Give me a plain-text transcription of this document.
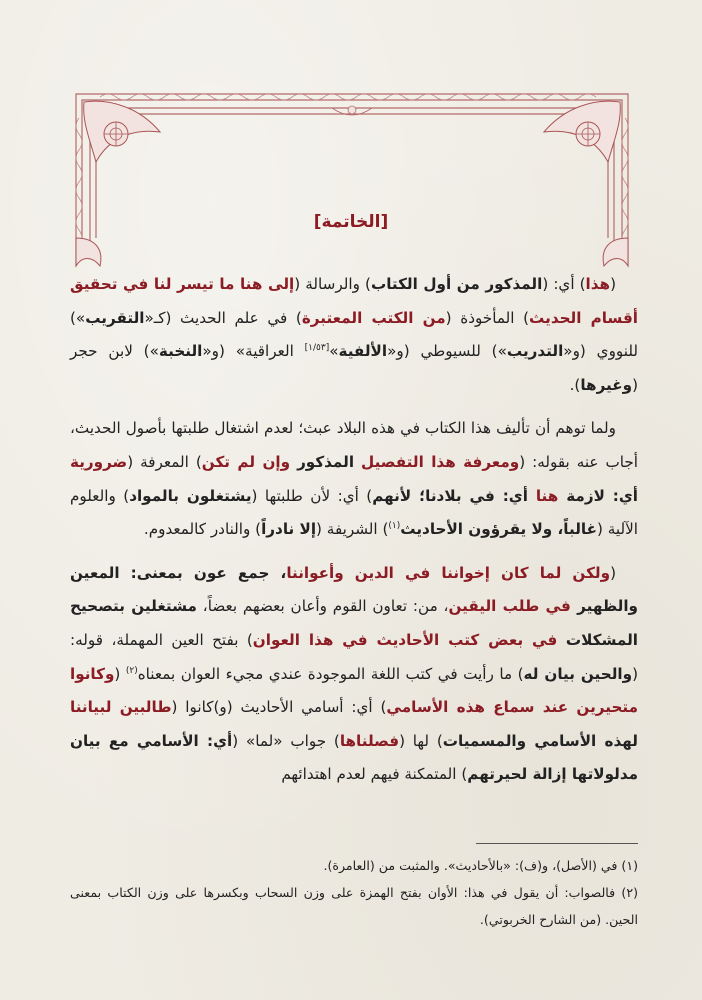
[الخاتمة]

(هذا) أي: (المذكور من أول الكتاب) والرسالة (إلى هنا ما تيسر لنا في تحقيق أقسام الحديث) المأخوذة (من الكتب المعتبرة) في علم الحديث (كـ«التقريب») للنووي (و«التدريب») للسيوطي (و«الألفية»[١/٥٣] العراقية» (و«النخبة») لابن حجر (وغيرها).

ولما توهم أن تأليف هذا الكتاب في هذه البلاد عبث؛ لعدم اشتغال طلبتها بأصول الحديث، أجاب عنه بقوله: (ومعرفة هذا التفصيل المذكور وإن لم تكن) المعرفة (ضرورية أي: لازمة هنا أي: في بلادنا؛ لأنهم) أي: لأن طلبتها (يشتغلون بالمواد) والعلوم الآلية (غالباً، ولا يقرؤون الأحاديث$^{(١)}$) الشريفة (إلا نادراً) والنادر كالمعدوم.

(ولكن لما كان إخواننا في الدين وأعواننا، جمع عون بمعنى: المعين والظهير في طلب اليقين، من: تعاون القوم وأعان بعضهم بعضاً، مشتغلين بتصحيح المشكلات في بعض كتب الأحاديث في هذا العوان) بفتح العين المهملة، قوله: (والحين بيان له) ما رأيت في كتب اللغة الموجودة عندي مجيء العوان بمعناه$^{(٢)}$ (وكانوا متحيرين عند سماع هذه الأسامي) أي: أسامي الأحاديث (و)كانوا (طالبين لبياننا لهذه الأسامي والمسميات) لها (فصلناها) جواب «لما» (أي: الأسامي مع بيان مدلولاتها إزالة لحيرتهم) المتمكنة فيهم لعدم اهتدائهم

(١) في (الأصل)، و(ف): «بالأحاديث». والمثبت من (العامرة).

(٢) فالصواب: أن يقول في هذا: الأوان بفتح الهمزة على وزن السحاب وبكسرها على وزن الكتاب بمعنى الحين. (من الشارح الخربوتي).
